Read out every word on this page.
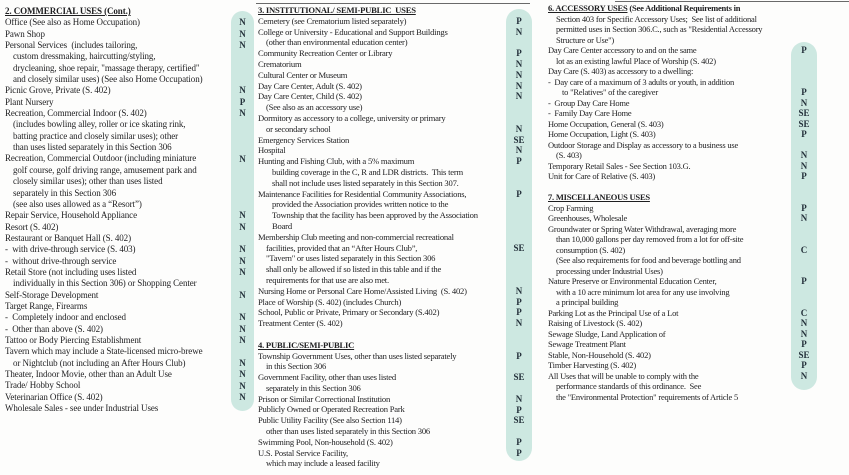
2. COMMERCIAL USES (Cont.)
Office (See also as Home Occupation)
Pawn Shop
Personal Services  (includes tailoring,
custom dressmaking, haircutting/styling,
drycleaning, shoe repair, "massage therapy, certified"
and closely similar uses) (See also Home Occupation)
Picnic Grove, Private (S. 402)
Plant Nursery
Recreation, Commercial Indoor (S. 402)
(includes bowling alley, roller or ice skating rink,
batting practice and closely similar uses); other
than uses listed separately in this Section 306
Recreation, Commercial Outdoor (including miniature
golf course, golf driving range, amusement park and
closely similar uses); other than uses listed
separately in this Section 306
(see also uses allowed as a “Resort”)
Repair Service, Household Appliance
Resort (S. 402)
Restaurant or Banquet Hall (S. 402)
-  with drive-through service (S. 403)
-  without drive-through service
Retail Store (not including uses listed
individually in this Section 306) or Shopping Center
Self-Storage Development
Target Range, Firearms
-  Completely indoor and enclosed
-  Other than above (S. 402)
Tattoo or Body Piercing Establishment
Tavern which may include a State-licensed micro-brewe
or Nightclub (not including an After Hours Club)
Theater, Indoor Movie, other than an Adult Use
Trade/ Hobby School
Veterinarian Office (S. 402)
Wholesale Sales - see under Industrial Uses
N
N
N
N
P
N
N
N
N
N
N
N
N
N
N
N
N
N
N
N
3. INSTITUTIONAL/ SEMI-PUBLIC  USES
Cemetery (see Crematorium listed separately)
College or University - Educational and Support Buildings
(other than environmental education center)
Community Recreation Center or Library
Crematorium
Cultural Center or Museum
Day Care Center, Adult (S. 402)
Day Care Center, Child (S. 402)
(See also as an accessory use)
Dormitory as accessory to a college, university or primary
or secondary school
Emergency Services Station
Hospital
Hunting and Fishing Club, with a 5% maximum
building coverage in the C, R and LDR districts.  This term
shall not include uses listed separately in this Section 307.
Maintenance Facilities for Residential Community Associations,
provided the Association provides written notice to the
Township that the facility has been approved by the Association
Board
Membership Club meeting and non-commercial recreational
facilities, provided that an “After Hours Club”,
"Tavern" or uses listed separately in this Section 306
shall only be allowed if so listed in this table and if the
requirements for that use are also met.
Nursing Home or Personal Care Home/Assisted Living  (S. 402)
Place of Worship (S. 402) (includes Church)
School, Public or Private, Primary or Secondary (S.402)
Treatment Center (S. 402)
4. PUBLIC/SEMI-PUBLIC
Township Government Uses, other than uses listed separately
in this Section 306
Government Facility, other than uses listed
separately in this Section 306
Prison or Similar Correctional Institution
Publicly Owned or Operated Recreation Park
Public Utility Facility (See also Section 114)
other than uses listed separately in this Section 306
Swimming Pool, Non-household (S. 402)
U.S. Postal Service Facility,
which may include a leased facility
P
N
P
N
N
N
N
N
SE
N
P
P
SE
N
P
P
N
P
SE
N
P
SE
P
P
6. ACCESSORY USES (See Additional Requirements in
Section 403 for Specific Accessory Uses;  See list of additional
permitted uses in Section 306.C., such as "Residential Accessory
Structure or Use")
Day Care Center accessory to and on the same
lot as an existing lawful Place of Worship (S. 402)
Day Care (S. 403) as accessory to a dwelling:
-  Day care of a maximum of 3 adults or youth, in addition
to "Relatives" of the caregiver
-  Group Day Care Home
-  Family Day Care Home
Home Occupation, General (S. 403)
Home Occupation, Light (S. 403)
Outdoor Storage and Display as accessory to a business use
(S. 403)
Temporary Retail Sales - See Section 103.G.
Unit for Care of Relative (S. 403)
7. MISCELLANEOUS USES
Crop Farming
Greenhouses, Wholesale
Groundwater or Spring Water Withdrawal, averaging more
than 10,000 gallons per day removed from a lot for off-site
consumption (S. 402)
(See also requirements for food and beverage bottling and
processing under Industrial Uses)
Nature Preserve or Environmental Education Center,
with a 10 acre minimum lot area for any use involving
a principal building
Parking Lot as the Principal Use of a Lot
Raising of Livestock (S. 402)
Sewage Sludge, Land Application of
Sewage Treatment Plant
Stable, Non-Household (S. 402)
Timber Harvesting (S. 402)
All Uses that will be unable to comply with the
performance standards of this ordinance.  See
the "Environmental Protection" requirements of Article 5
P
P
N
SE
SE
P
N
N
P
P
N
C
P
C
N
N
P
SE
P
N
